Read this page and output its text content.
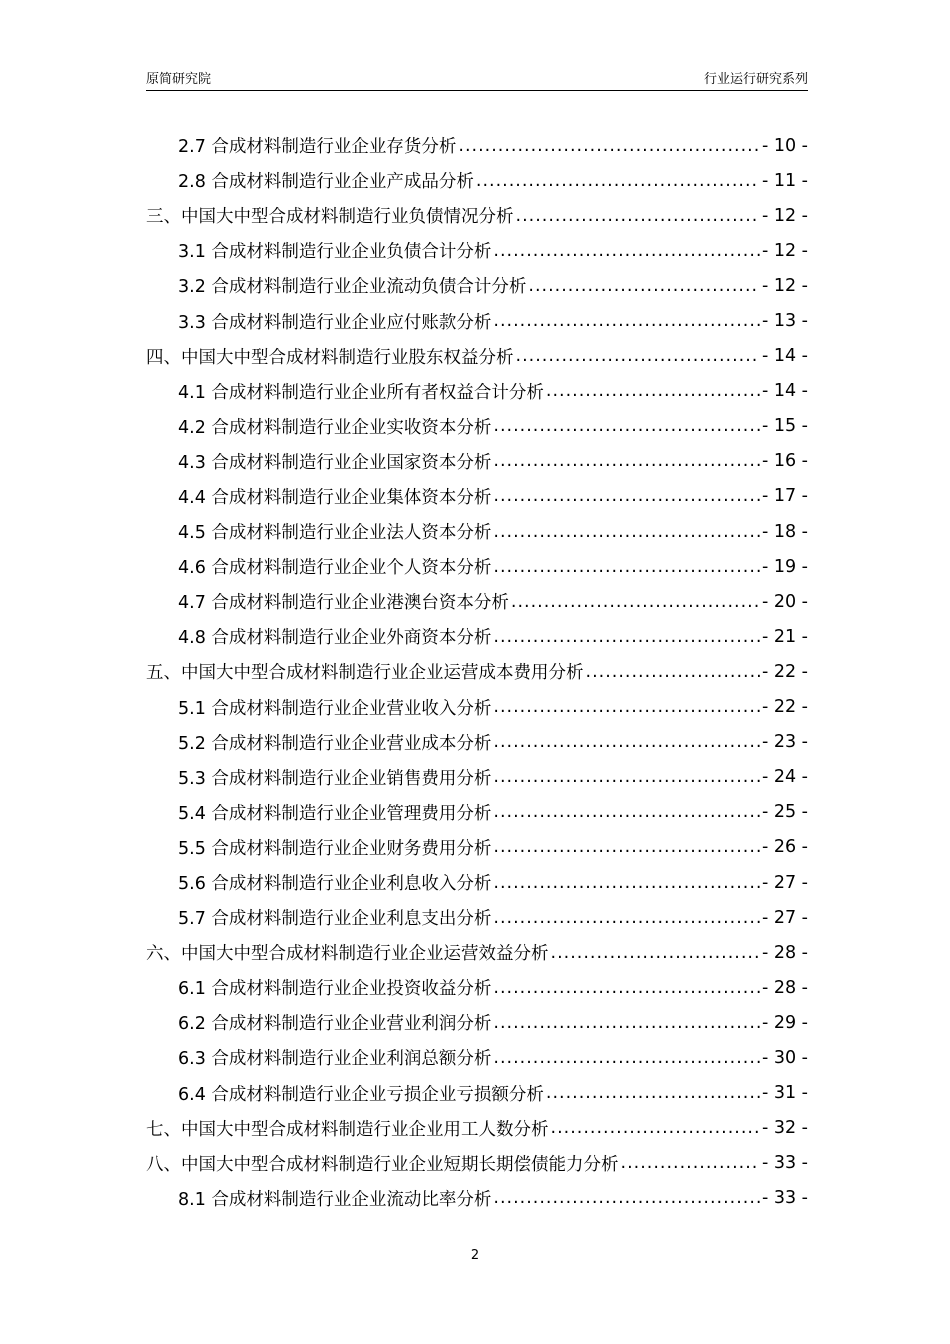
原简研究院	行业运行研究系列
2.7 合成材料制造行业企业存货分析 .....	- 10 -
2.8 合成材料制造行业企业产成品分析 .....	- 11 -
三、中国大中型合成材料制造行业负债情况分析 .....	- 12 -
3.1 合成材料制造行业企业负债合计分析 .....	- 12 -
3.2 合成材料制造行业企业流动负债合计分析 .....	- 12 -
3.3 合成材料制造行业企业应付账款分析 .....	- 13 -
四、中国大中型合成材料制造行业股东权益分析 .....	- 14 -
4.1 合成材料制造行业企业所有者权益合计分析 .....	- 14 -
4.2 合成材料制造行业企业实收资本分析 .....	- 15 -
4.3 合成材料制造行业企业国家资本分析 .....	- 16 -
4.4 合成材料制造行业企业集体资本分析 .....	- 17 -
4.5 合成材料制造行业企业法人资本分析 .....	- 18 -
4.6 合成材料制造行业企业个人资本分析 .....	- 19 -
4.7 合成材料制造行业企业港澳台资本分析 .....	- 20 -
4.8 合成材料制造行业企业外商资本分析 .....	- 21 -
五、中国大中型合成材料制造行业企业运营成本费用分析 .....	- 22 -
5.1 合成材料制造行业企业营业收入分析 .....	- 22 -
5.2 合成材料制造行业企业营业成本分析 .....	- 23 -
5.3 合成材料制造行业企业销售费用分析 .....	- 24 -
5.4 合成材料制造行业企业管理费用分析 .....	- 25 -
5.5 合成材料制造行业企业财务费用分析 .....	- 26 -
5.6 合成材料制造行业企业利息收入分析 .....	- 27 -
5.7 合成材料制造行业企业利息支出分析 .....	- 27 -
六、中国大中型合成材料制造行业企业运营效益分析 .....	- 28 -
6.1 合成材料制造行业企业投资收益分析 .....	- 28 -
6.2 合成材料制造行业企业营业利润分析 .....	- 29 -
6.3 合成材料制造行业企业利润总额分析 .....	- 30 -
6.4 合成材料制造行业企业亏损企业亏损额分析 .....	- 31 -
七、中国大中型合成材料制造行业企业用工人数分析 .....	- 32 -
八、中国大中型合成材料制造行业企业短期长期偿债能力分析 .....	- 33 -
8.1 合成材料制造行业企业流动比率分析 .....	- 33 -
2
